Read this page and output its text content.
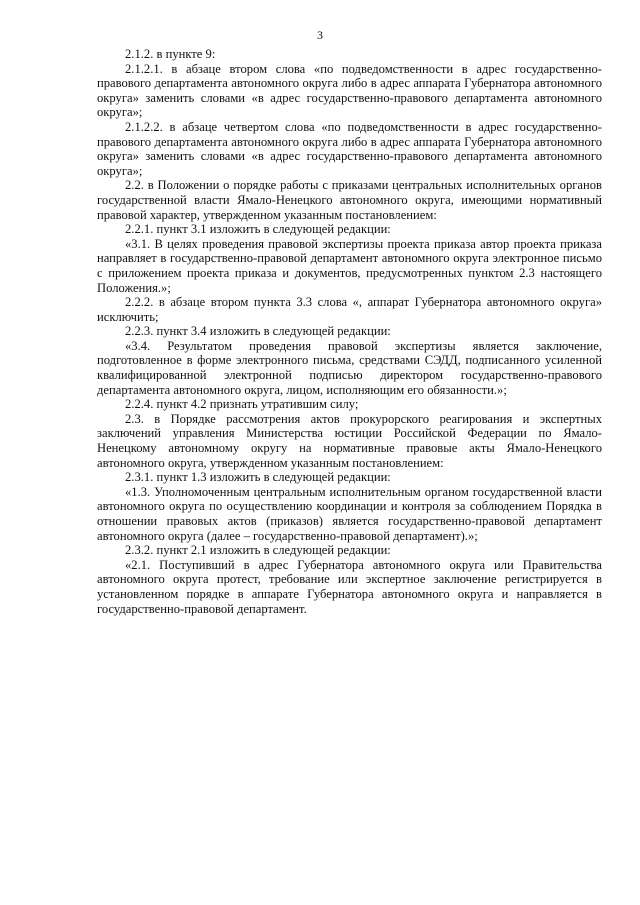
3

2.1.2. в пункте 9:

2.1.2.1. в абзаце втором слова «по подведомственности в адрес государственно-правового департамента автономного округа либо в адрес аппарата Губернатора автономного округа» заменить словами «в адрес государственно-правового департамента автономного округа»;

2.1.2.2. в абзаце четвертом слова «по подведомственности в адрес государственно-правового департамента автономного округа либо в адрес аппарата Губернатора автономного округа» заменить словами «в адрес государственно-правового департамента автономного округа»;

2.2. в Положении о порядке работы с приказами центральных исполнительных органов государственной власти Ямало-Ненецкого автономного округа, имеющими нормативный правовой характер, утвержденном указанным постановлением:

2.2.1. пункт 3.1 изложить в следующей редакции:

«3.1. В целях проведения правовой экспертизы проекта приказа автор проекта приказа направляет в государственно-правовой департамент автономного округа электронное письмо с приложением проекта приказа и документов, предусмотренных пунктом 2.3 настоящего Положения.»;

2.2.2. в абзаце втором пункта 3.3 слова «, аппарат Губернатора автономного округа» исключить;

2.2.3. пункт 3.4 изложить в следующей редакции:

«3.4. Результатом проведения правовой экспертизы является заключение, подготовленное в форме электронного письма, средствами СЭДД, подписанного усиленной квалифицированной электронной подписью директором государственно-правового департамента автономного округа, лицом, исполняющим его обязанности.»;

2.2.4. пункт 4.2 признать утратившим силу;

2.3. в Порядке рассмотрения актов прокурорского реагирования и экспертных заключений управления Министерства юстиции Российской Федерации по Ямало-Ненецкому автономному округу на нормативные правовые акты Ямало-Ненецкого автономного округа, утвержденном указанным постановлением:

2.3.1. пункт 1.3 изложить в следующей редакции:

«1.3. Уполномоченным центральным исполнительным органом государственной власти автономного округа по осуществлению координации и контроля за соблюдением Порядка в отношении правовых актов (приказов) является государственно-правовой департамент автономного округа (далее – государственно-правовой департамент).»;

2.3.2. пункт 2.1 изложить в следующей редакции:

«2.1. Поступивший в адрес Губернатора автономного округа или Правительства автономного округа протест, требование или экспертное заключение регистрируется в установленном порядке в аппарате Губернатора автономного округа и направляется в государственно-правовой департамент.
